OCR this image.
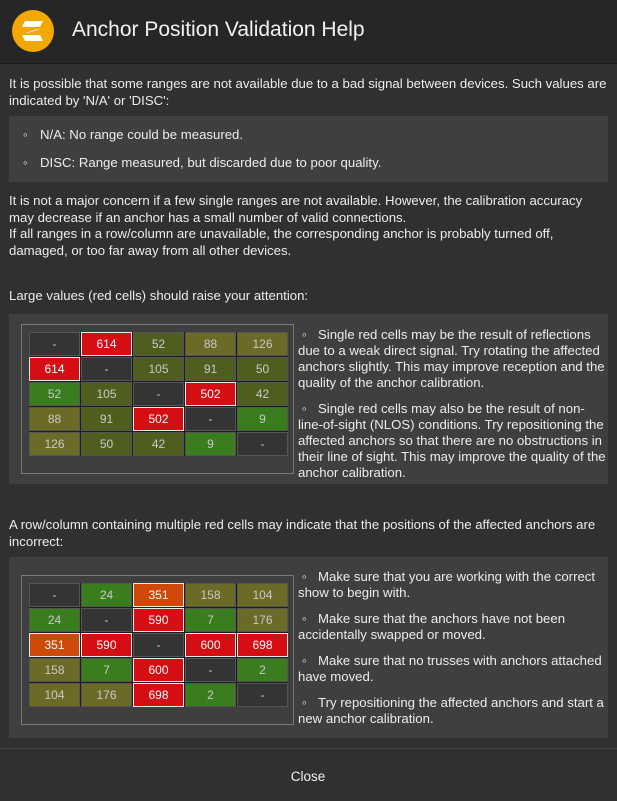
Anchor Position Validation Help
It is possible that some ranges are not available due to a bad signal between devices. Such values are indicated by 'N/A' or 'DISC':
◦ N/A: No range could be measured.
◦ DISC: Range measured, but discarded due to poor quality.
It is not a major concern if a few single ranges are not available. However, the calibration accuracy may decrease if an anchor has a small number of valid connections.
If all ranges in a row/column are unavailable, the corresponding anchor is probably turned off, damaged, or too far away from all other devices.
Large values (red cells) should raise your attention:
-	614	52	88	126
614	-	105	91	50
52	105	-	502	42
88	91	502	-	9
126	50	42	9	-
◦ Single red cells may be the result of reflections due to a weak direct signal. Try rotating the affected anchors slightly. This may improve reception and the quality of the anchor calibration.
◦ Single red cells may also be the result of non-line-of-sight (NLOS) conditions. Try repositioning the affected anchors so that there are no obstructions in their line of sight. This may improve the quality of the anchor calibration.
A row/column containing multiple red cells may indicate that the positions of the affected anchors are incorrect:
-	24	351	158	104
24	-	590	7	176
351	590	-	600	698
158	7	600	-	2
104	176	698	2	-
◦ Make sure that you are working with the correct show to begin with.
◦ Make sure that the anchors have not been accidentally swapped or moved.
◦ Make sure that no trusses with anchors attached have moved.
◦ Try repositioning the affected anchors and start a new anchor calibration.
Close
